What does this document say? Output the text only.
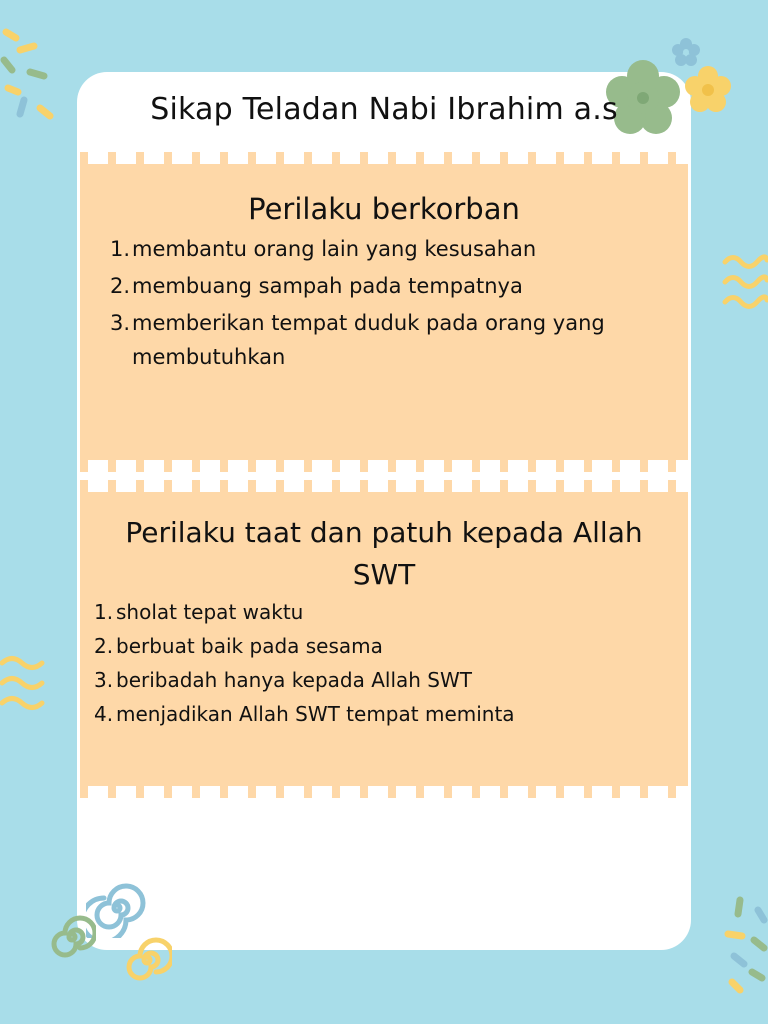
Sikap Teladan Nabi Ibrahim a.s
Perilaku berkorban
1. membantu orang lain yang kesusahan
2. membuang sampah pada tempatnya
3. memberikan tempat duduk pada orang yang membutuhkan
Perilaku taat dan patuh kepada Allah SWT
1. sholat tepat waktu
2. berbuat baik pada sesama
3. beribadah hanya kepada Allah SWT
4. menjadikan Allah SWT tempat meminta
